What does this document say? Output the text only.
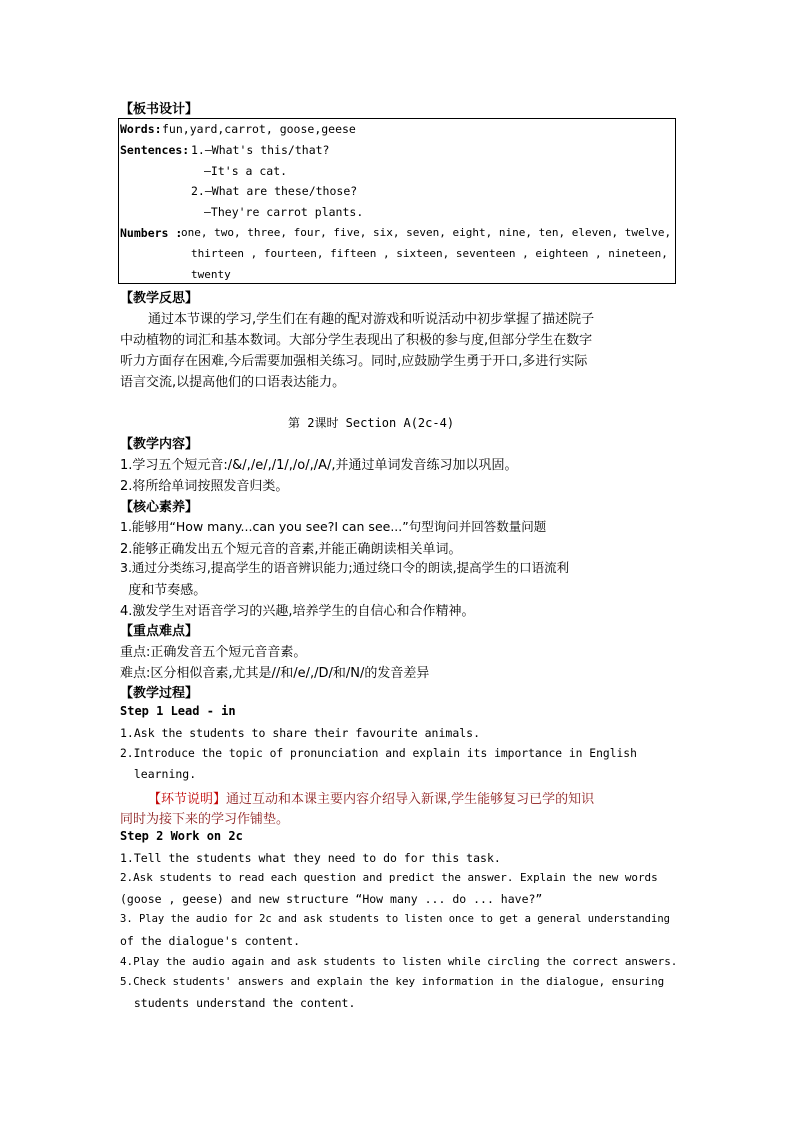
【板书设计】
Words: fun,yard,carrot, goose,geese
Sentences: 1.—What's this/that?
—It's a cat.
2.—What are these/those?
—They're carrot plants.
Numbers :
one, two, three, four, five, six, seven, eight, nine, ten, eleven, twelve,
thirteen , fourteen, fifteen , sixteen, seventeen , eighteen , nineteen,
twenty
【教学反思】
通过本节课的学习,学生们在有趣的配对游戏和听说活动中初步掌握了描述院子
中动植物的词汇和基本数词。大部分学生表现出了积极的参与度,但部分学生在数字
听力方面存在困难,今后需要加强相关练习。同时,应鼓励学生勇于开口,多进行实际
语言交流,以提高他们的口语表达能力。
第 2课时 Section A(2c-4)
【教学内容】
1.学习五个短元音:/&/,/e/,/1/,/o/,/A/,并通过单词发音练习加以巩固。
2.将所给单词按照发音归类。
【核心素养】
1.能够用“How many...can you see?I can see...”句型询问并回答数量问题
2.能够正确发出五个短元音的音素,并能正确朗读相关单词。
3.通过分类练习,提高学生的语音辨识能力;通过绕口令的朗读,提高学生的口语流利
度和节奏感。
4.激发学生对语音学习的兴趣,培养学生的自信心和合作精神。
【重点难点】
重点:正确发音五个短元音音素。
难点:区分相似音素,尤其是//和/e/,/D/和/N/的发音差异
【教学过程】
Step 1 Lead - in
1.Ask the students to share their favourite animals.
2.Introduce the topic of pronunciation and explain its importance in English
learning.
【环节说明】通过互动和本课主要内容介绍导入新课,学生能够复习已学的知识
同时为接下来的学习作铺垫。
Step 2 Work on 2c
1.Tell the students what they need to do for this task.
2.Ask students to read each question and predict the answer. Explain the new words
(goose , geese) and new structure “How many ... do ... have?”
3. Play the audio for 2c and ask students to listen once to get a general understanding
of the dialogue's content.
4.Play the audio again and ask students to listen while circling the correct answers.
5.Check students' answers and explain the key information in the dialogue, ensuring
students understand the content.
